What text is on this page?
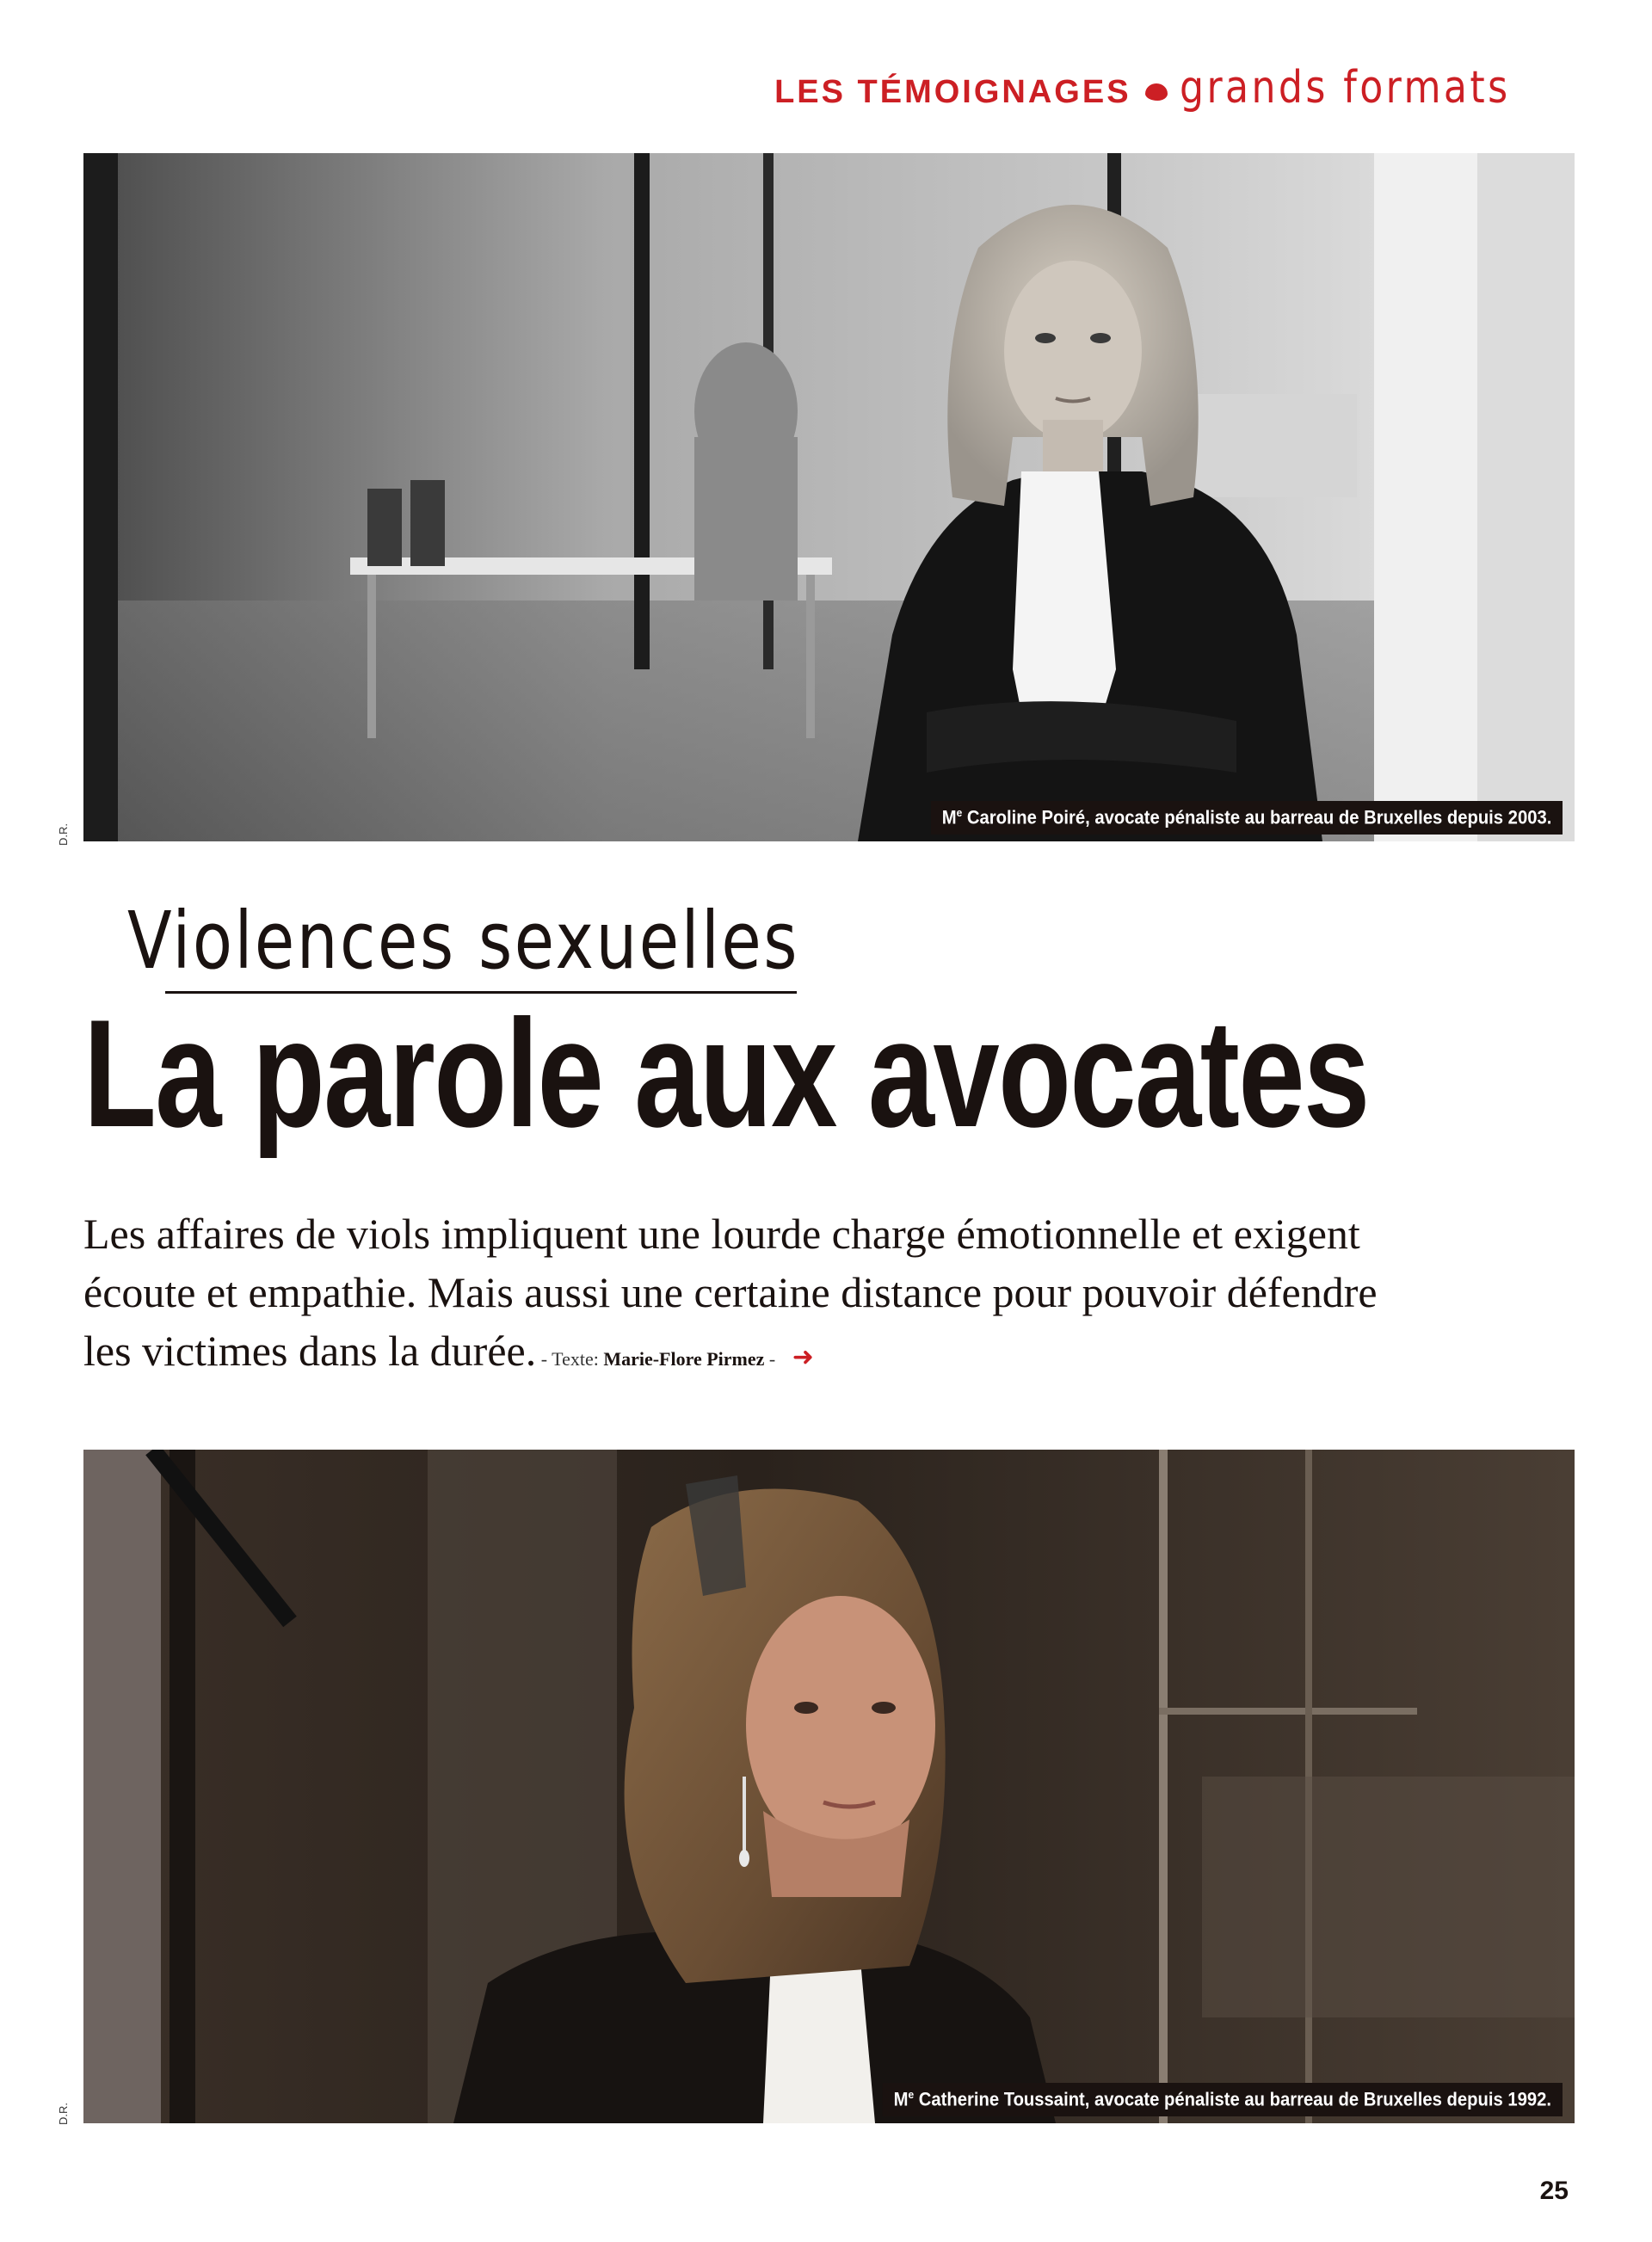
LES TÉMOIGNAGES grands formats
Me Caroline Poiré, avocate pénaliste au barreau de Bruxelles depuis 2003.
D.R.
Violences sexuelles
La parole aux avocates
Les affaires de viols impliquent une lourde charge émotionnelle et exigent écoute et empathie. Mais aussi une certaine distance pour pouvoir défendre les victimes dans la durée. - Texte: Marie-Flore Pirmez - ➜
Me Catherine Toussaint, avocate pénaliste au barreau de Bruxelles depuis 1992.
D.R.
25
